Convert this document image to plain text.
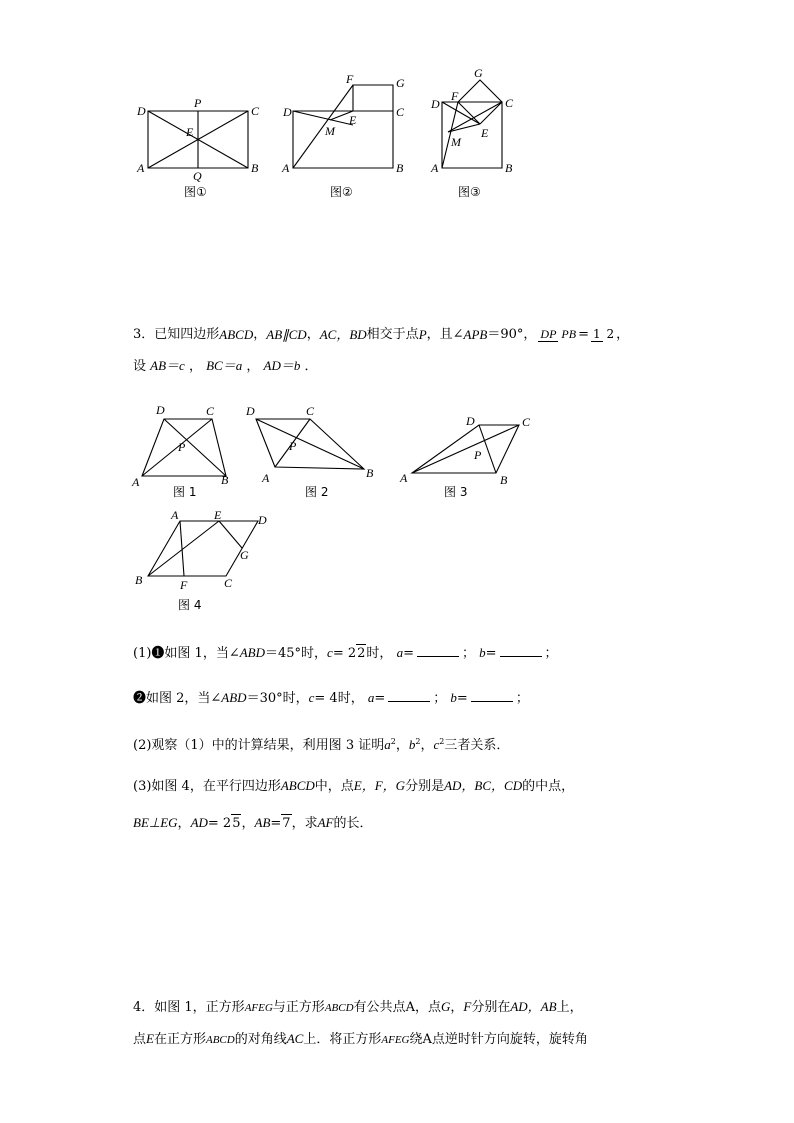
D
P
C
E
A
Q
B
图①
D
F	G
C
E
M
A	B
图②
G
D
F	C
E
M
A	B
图③
3．已知四边形 ABCD ， AB∥CD ， AC，BD 相交于点 P ，且∠ APB ＝90°， DP PB = 1 2 ，
设 AB＝c ， BC＝a ， AD＝b ．
D	C
P
A	B
图 1
D	C
P
A	B
图 2
D	C
P
A	B
图 3
A	E	D
G
B	F	C
图 4
(1)❶如图 1，当∠ABD＝45°时，c= 22时， a=	； b=	；
❷如图 2，当∠ABD＝30°时，c= 4时， a=	； b=	；
(2)观察（1）中的计算结果，利用图 3 证明$a^2$，$b^2$，$c^2$三者关系．
(3)如图 4，在平行四边形ABCD中，点E，F，G分别是AD，BC，CD的中点，
BE⊥EG，AD= 25，AB=7，求AF的长．
4．如图 1，正方形AFEG与正方形ABCD有公共点A，点G，F分别在AD，AB上，
点E在正方形ABCD的对角线AC上．将正方形AFEG绕A点逆时针方向旋转，旋转角
